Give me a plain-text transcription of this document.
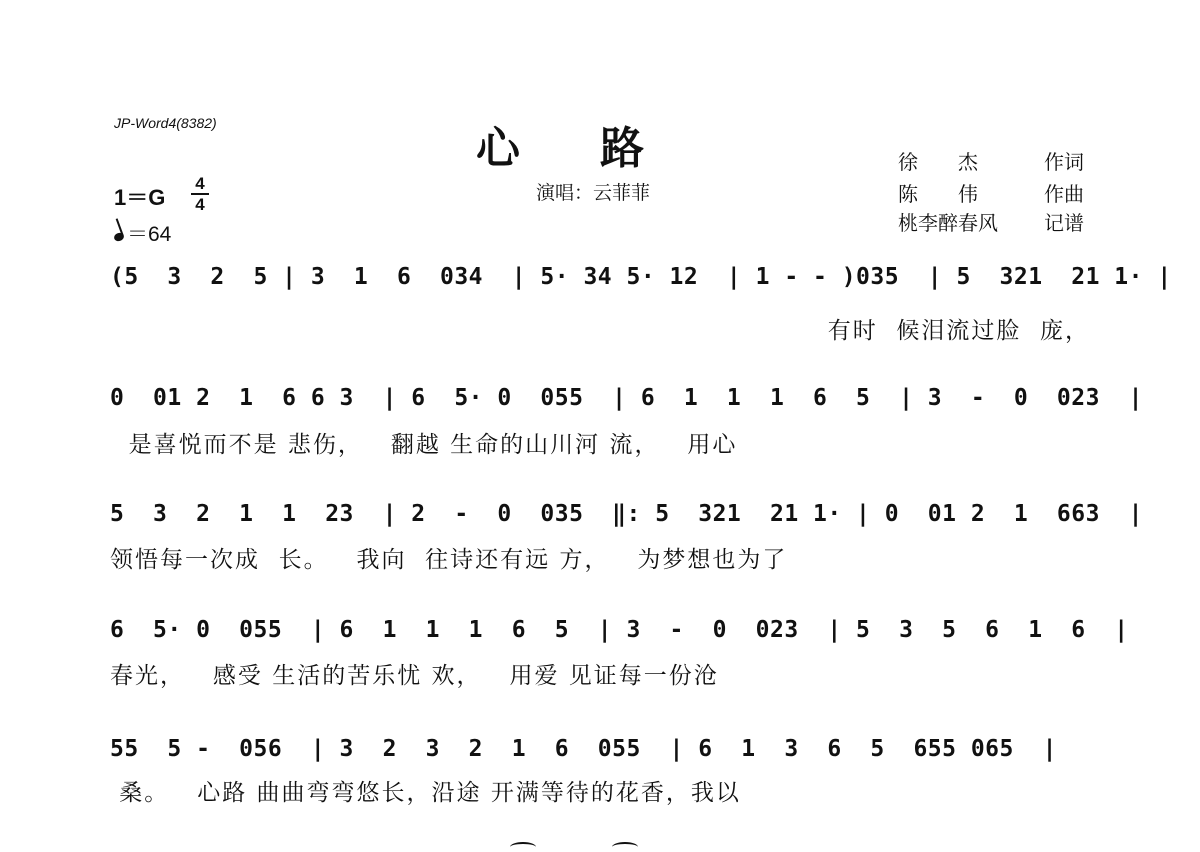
JP-Word4(8382)	心路
演唱：云菲菲
徐　　杰	作词
陈　　伟	作曲
桃李醉春风 记谱
1＝G
4
4
＝64
(5  3  2  5 | 3  1  6  034  | 5· 34 5· 12  | 1 - - )035  | 5  321  21 1· |
有时  候泪流过脸  庞，
0  01 2  1  6 6 3  | 6  5· 0  055  | 6  1  1  1  6  5  | 3  -  0  023  |
是喜悦而不是 悲伤，   翻越 生命的山川河 流，   用心
5  3  2  1  1  23  | 2  -  0  035  ‖: 5  321  21 1· | 0  01 2  1  663  |
领悟每一次成  长。   我向  往诗还有远 方，   为梦想也为了
6  5· 0  055  | 6  1  1  1  6  5  | 3  -  0  023  | 5  3  5  6  1  6  |
春光，   感受 生活的苦乐忧 欢，   用爱 见证每一份沧
55  5 -  056  | 3  2  3  2  1  6  055  | 6  1  3  6  5  655 065  |
桑。   心路 曲曲弯弯悠长，沿途 开满等待的花香，我以
